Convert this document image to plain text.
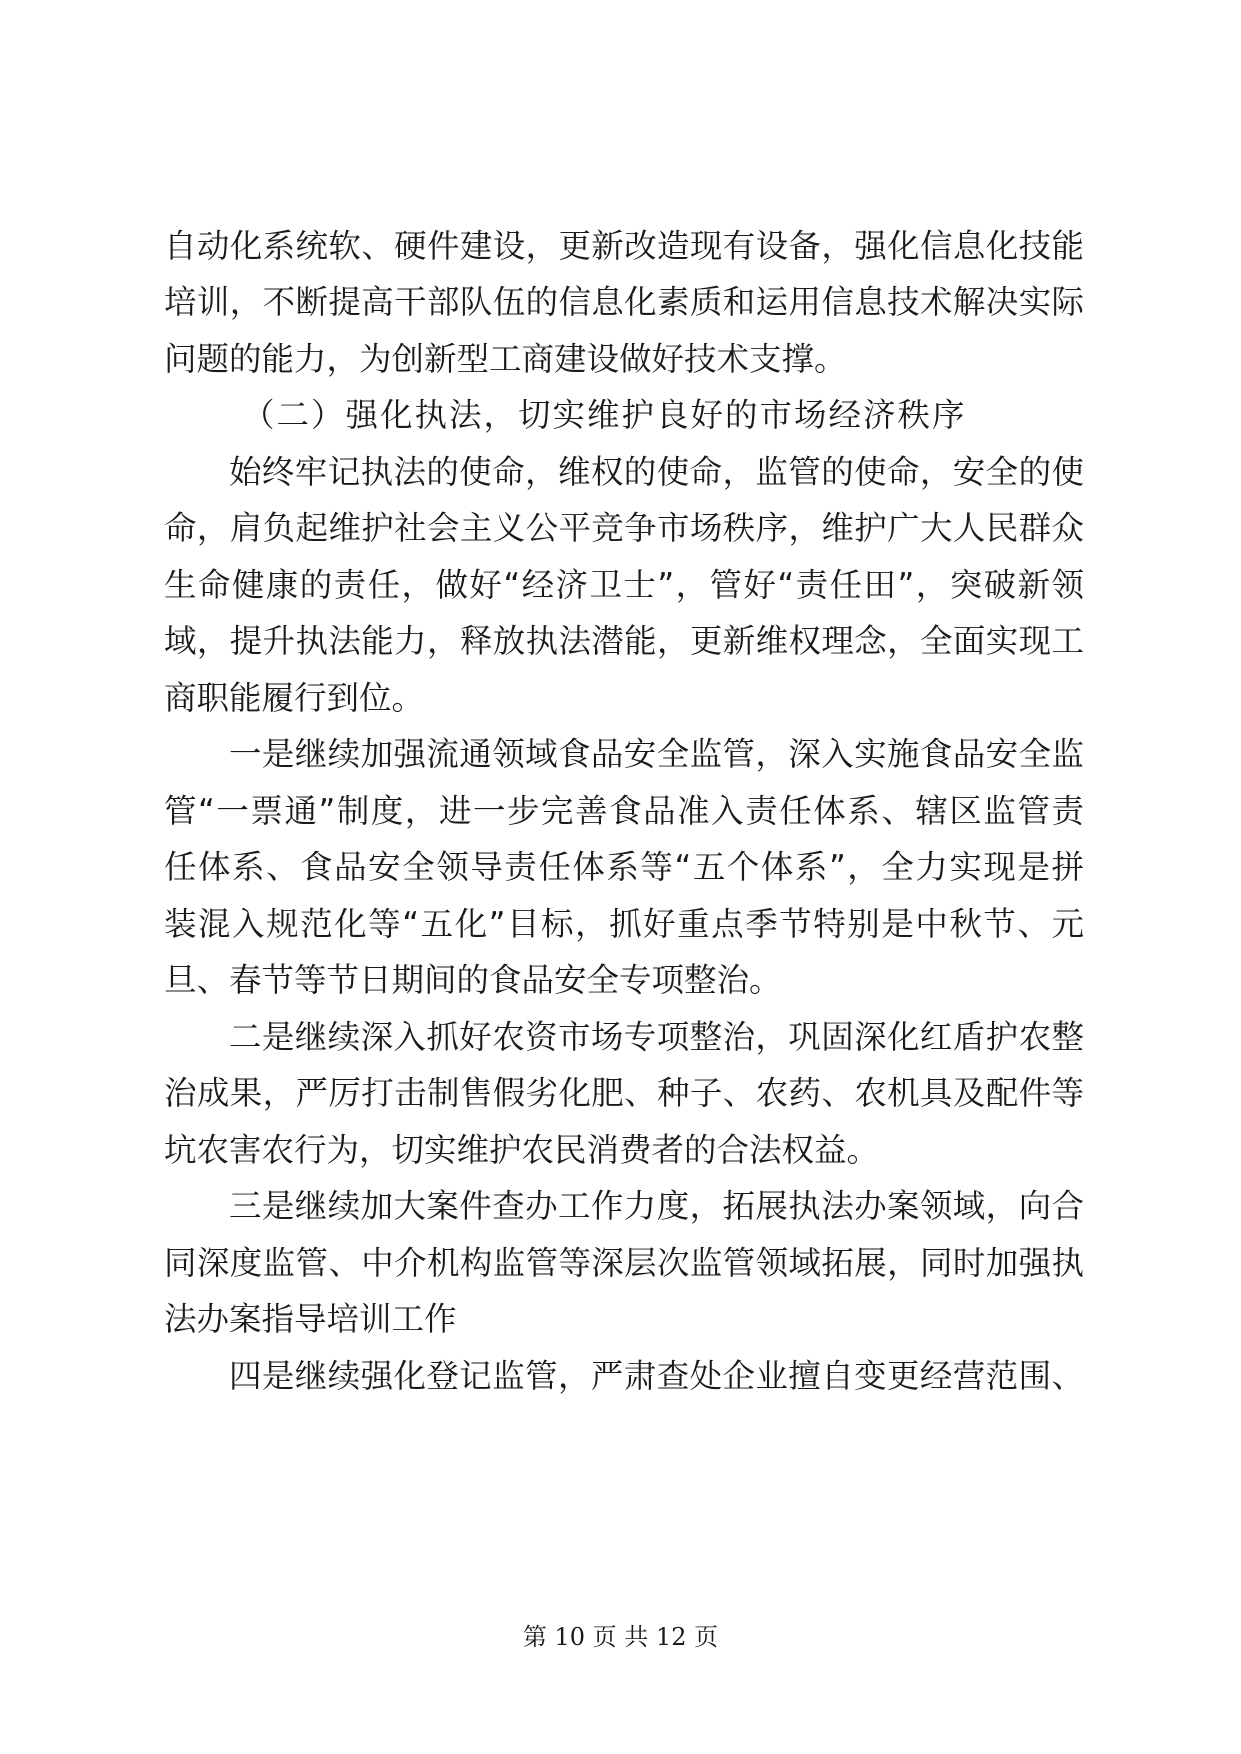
自动化系统软、硬件建设，更新改造现有设备，强化信息化技能
培训，不断提高干部队伍的信息化素质和运用信息技术解决实际
问题的能力，为创新型工商建设做好技术支撑。
（二）强化执法，切实维护良好的市场经济秩序
始终牢记执法的使命，维权的使命，监管的使命，安全的使
命，肩负起维护社会主义公平竞争市场秩序，维护广大人民群众
生命健康的责任，做好“经济卫士”，管好“责任田”，突破新领
域，提升执法能力，释放执法潜能，更新维权理念，全面实现工
商职能履行到位。
一是继续加强流通领域食品安全监管，深入实施食品安全监
管“一票通”制度，进一步完善食品准入责任体系、辖区监管责
任体系、食品安全领导责任体系等“五个体系”，全力实现是拼
装混入规范化等“五化”目标，抓好重点季节特别是中秋节、元
旦、春节等节日期间的食品安全专项整治。
二是继续深入抓好农资市场专项整治，巩固深化红盾护农整
治成果，严厉打击制售假劣化肥、种子、农药、农机具及配件等
坑农害农行为，切实维护农民消费者的合法权益。
三是继续加大案件查办工作力度，拓展执法办案领域，向合
同深度监管、中介机构监管等深层次监管领域拓展，同时加强执
法办案指导培训工作
四是继续强化登记监管，严肃查处企业擅自变更经营范围、
第 10 页 共 12 页
